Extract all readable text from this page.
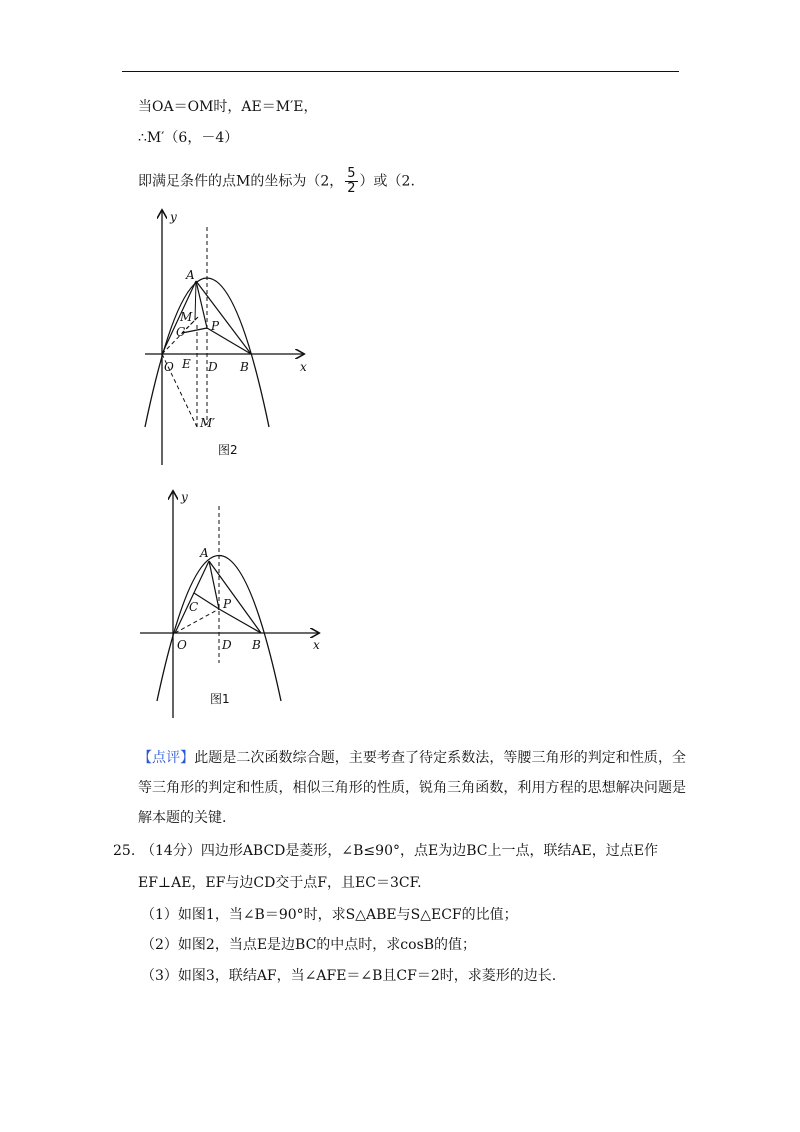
当OA＝OM时，AE＝M′E，
∴M′（6，－4）
即满足条件的点M的坐标为（2， $\frac{5}{2}$ ）或（2.
y
x
A
M
C P
O E D B
M′
图2
y
x
A
C P
O	D B
图1
【点评】此题是二次函数综合题，主要考查了待定系数法，等腰三角形的判定和性质，全等三角形的判定和性质，相似三角形的性质，锐角三角函数，利用方程的思想解决问题是解本题的关键.
25. （14分）四边形ABCD是菱形，∠B≤90°，点E为边BC上一点，联结AE，过点E作
EF⊥AE，EF与边CD交于点F，且EC＝3CF.
（1）如图1，当∠B＝90°时，求S△ABE与S△ECF的比值；
（2）如图2，当点E是边BC的中点时，求cosB的值；
（3）如图3，联结AF，当∠AFE＝∠B且CF＝2时，求菱形的边长.
